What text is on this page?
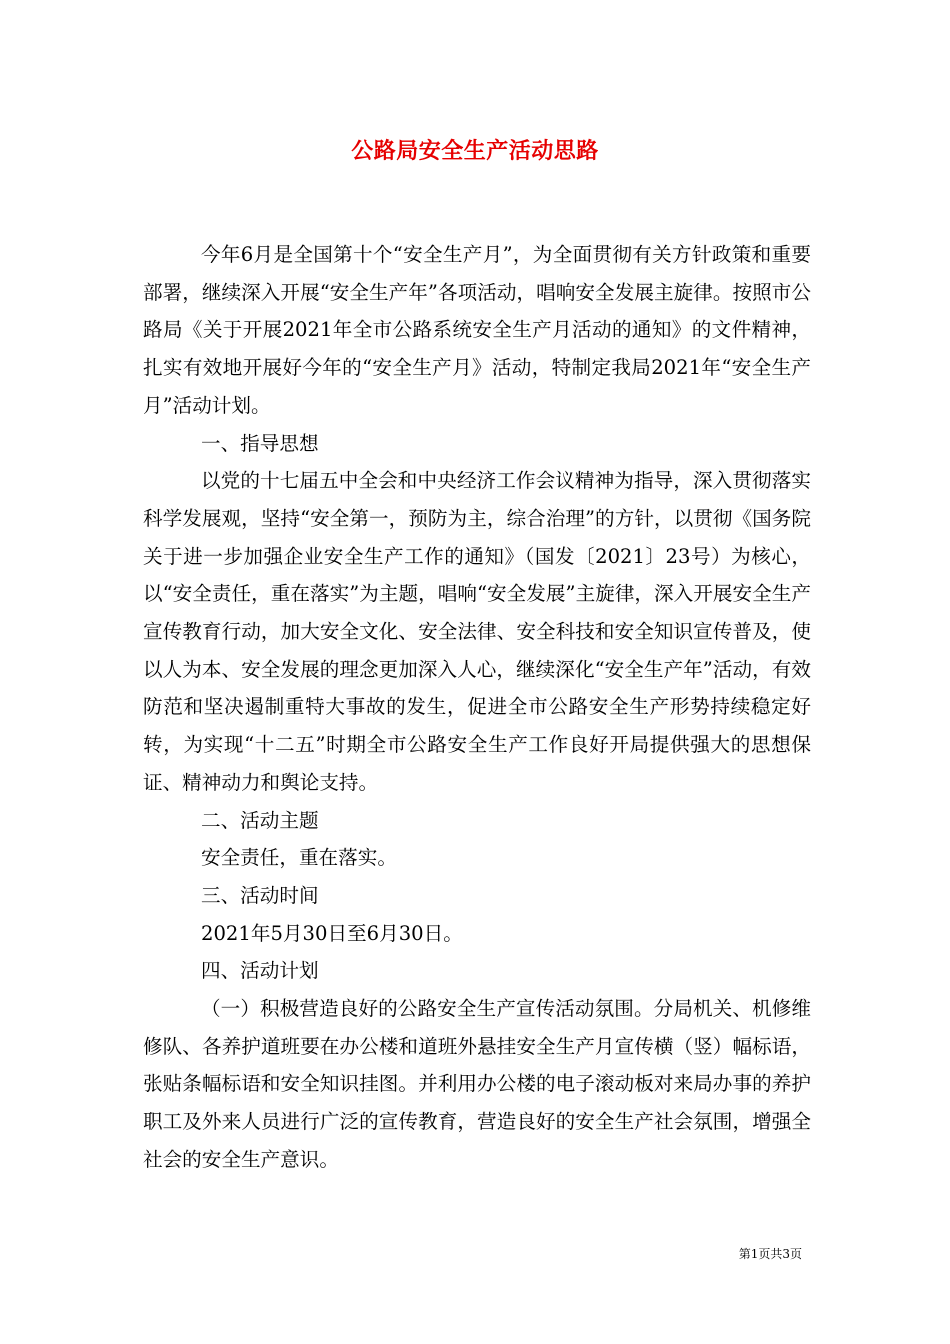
公路局安全生产活动思路

今年6月是全国第十个“安全生产月”，为全面贯彻有关方针政策和重要部署，继续深入开展“安全生产年”各项活动，唱响安全发展主旋律。按照市公路局《关于开展2021年全市公路系统安全生产月活动的通知》的文件精神，扎实有效地开展好今年的“安全生产月》活动，特制定我局2021年“安全生产月”活动计划。

一、指导思想

以党的十七届五中全会和中央经济工作会议精神为指导，深入贯彻落实科学发展观，坚持“安全第一，预防为主，综合治理”的方针，以贯彻《国务院关于进一步加强企业安全生产工作的通知》（国发〔2021〕23号）为核心，以“安全责任，重在落实”为主题，唱响“安全发展”主旋律，深入开展安全生产宣传教育行动，加大安全文化、安全法律、安全科技和安全知识宣传普及，使以人为本、安全发展的理念更加深入人心，继续深化“安全生产年”活动，有效防范和坚决遏制重特大事故的发生，促进全市公路安全生产形势持续稳定好转，为实现“十二五”时期全市公路安全生产工作良好开局提供强大的思想保证、精神动力和舆论支持。

二、活动主题

安全责任，重在落实。

三、活动时间

2021年5月30日至6月30日。

四、活动计划

（一）积极营造良好的公路安全生产宣传活动氛围。分局机关、机修维修队、各养护道班要在办公楼和道班外悬挂安全生产月宣传横（竖）幅标语，张贴条幅标语和安全知识挂图。并利用办公楼的电子滚动板对来局办事的养护职工及外来人员进行广泛的宣传教育，营造良好的安全生产社会氛围，增强全社会的安全生产意识。

第1页共3页
